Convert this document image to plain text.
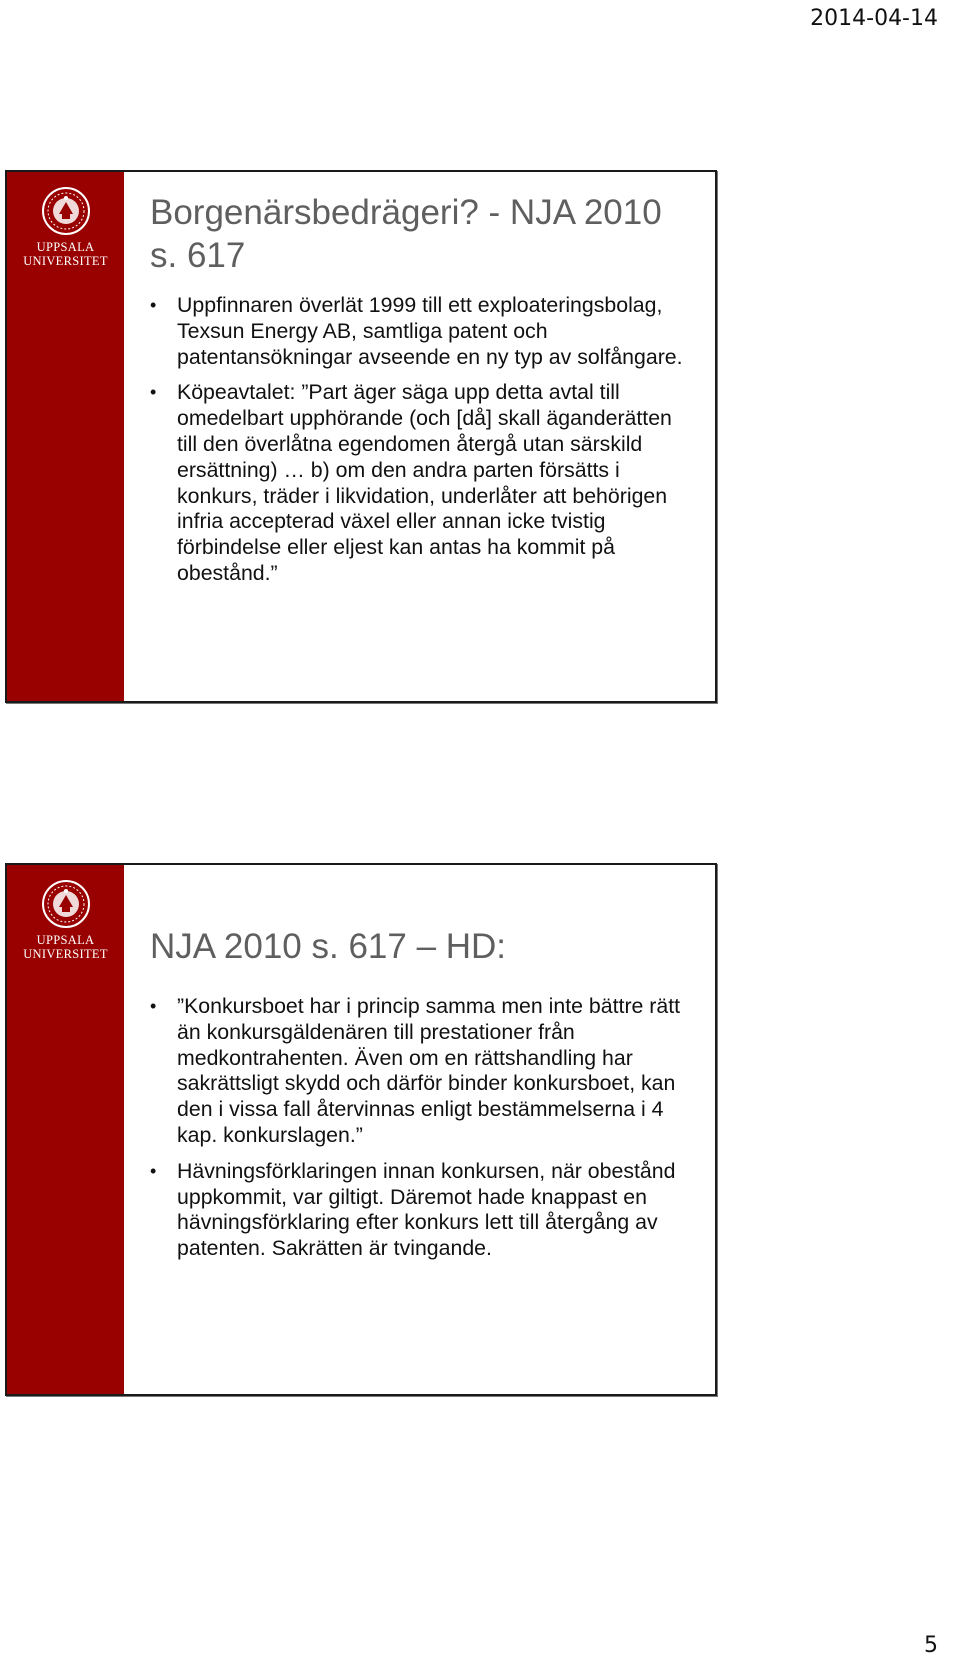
2014-04-14
UPPSALA
UNIVERSITET
Borgenärsbedrägeri? - NJA 2010
s. 617
• Uppfinnaren överlät 1999 till ett exploateringsbolag, Texsun Energy AB, samtliga patent och patentansökningar avseende en ny typ av solfångare.
• Köpeavtalet: ”Part äger säga upp detta avtal till omedelbart upphörande (och [då] skall äganderätten till den överlåtna egendomen återgå utan särskild ersättning) … b) om den andra parten försätts i konkurs, träder i likvidation, underlåter att behörigen infria accepterad växel eller annan icke tvistig förbindelse eller eljest kan antas ha kommit på obestånd.”
UPPSALA
UNIVERSITET	NJA 2010 s. 617 – HD:
• ”Konkursboet har i princip samma men inte bättre rätt än konkursgäldenären till prestationer från medkontrahenten. Även om en rättshandling har sakrättsligt skydd och därför binder konkursboet, kan den i vissa fall återvinnas enligt bestämmelserna i 4 kap. konkurslagen.”
• Hävningsförklaringen innan konkursen, när obestånd uppkommit, var giltigt. Däremot hade knappast en hävningsförklaring efter konkurs lett till återgång av patenten. Sakrätten är tvingande.
5
